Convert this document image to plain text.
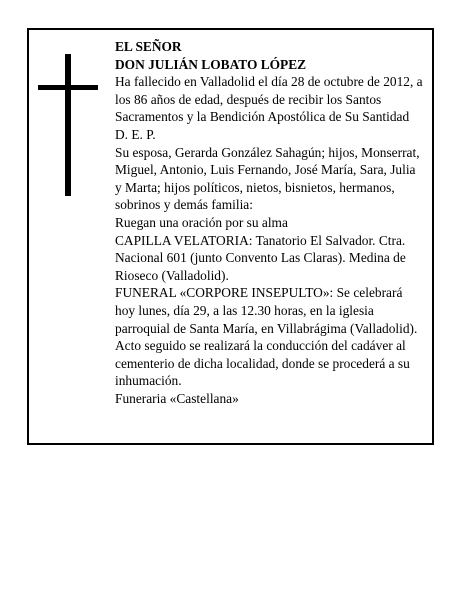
EL SEÑOR

DON JULIÁN LOBATO LÓPEZ

Ha fallecido en Valladolid el día 28 de octubre de 2012, a los 86 años de edad, después de recibir los Santos Sacramentos y la Bendición Apostólica de Su Santidad D. E. P.

Su esposa, Gerarda González Sahagún; hijos, Monserrat, Miguel, Antonio, Luis Fernando, José María, Sara, Julia y Marta; hijos políticos, nietos, bisnietos, hermanos, sobrinos y demás familia:

Ruegan una oración por su alma

CAPILLA VELATORIA: Tanatorio El Salvador. Ctra. Nacional 601 (junto Convento Las Claras). Medina de Rioseco (Valladolid).

FUNERAL «CORPORE INSEPULTO»: Se celebrará hoy lunes, día 29, a las 12.30 horas, en la iglesia parroquial de Santa María, en Villabrágima (Valladolid). Acto seguido se realizará la conducción del cadáver al cementerio de dicha localidad, donde se procederá a su inhumación.

Funeraria «Castellana»
